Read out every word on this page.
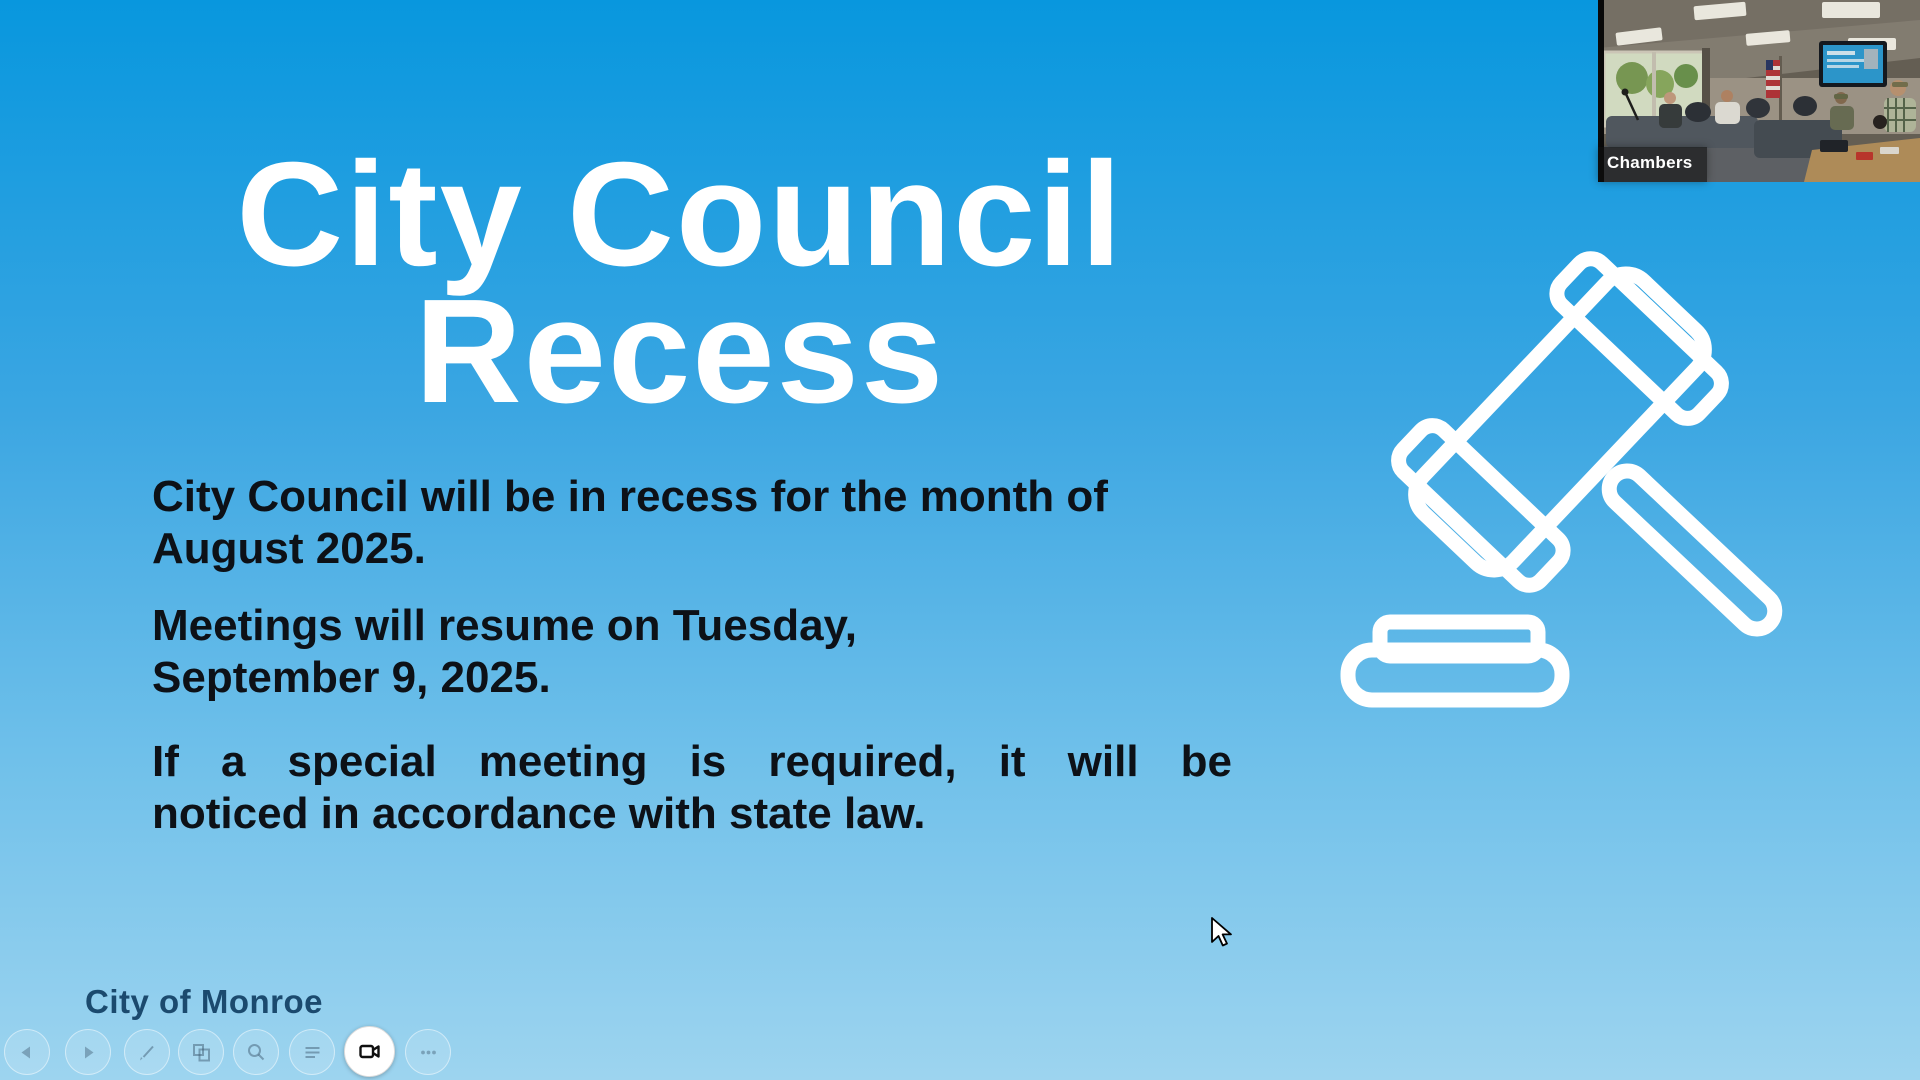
City Council
Recess
City Council will be in recess for the month of
August 2025.
Meetings will resume on Tuesday,
September 9, 2025.
If a special meeting is required, it will be
noticed in accordance with state law.
City of Monroe
Chambers
